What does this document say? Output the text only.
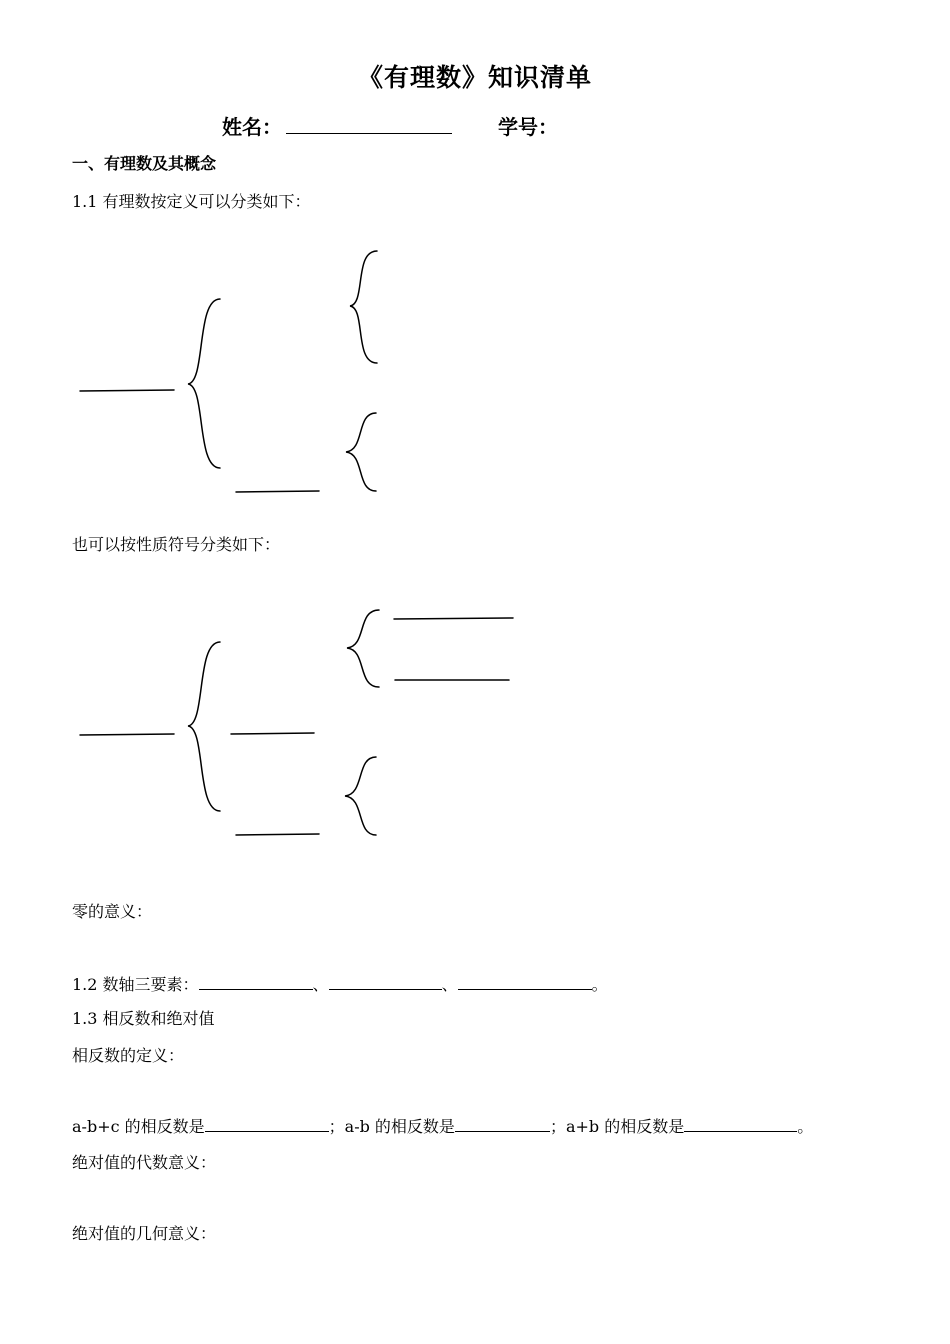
《有理数》知识清单
姓名：	学号：
一、有理数及其概念
1.1 有理数按定义可以分类如下：
也可以按性质符号分类如下：
零的意义：
1.2 数轴三要素：	、	、	。
1.3 相反数和绝对值
相反数的定义：
a-b+c 的相反数是	；a-b 的相反数是	；a+b 的相反数是	。
绝对值的代数意义：
绝对值的几何意义：
